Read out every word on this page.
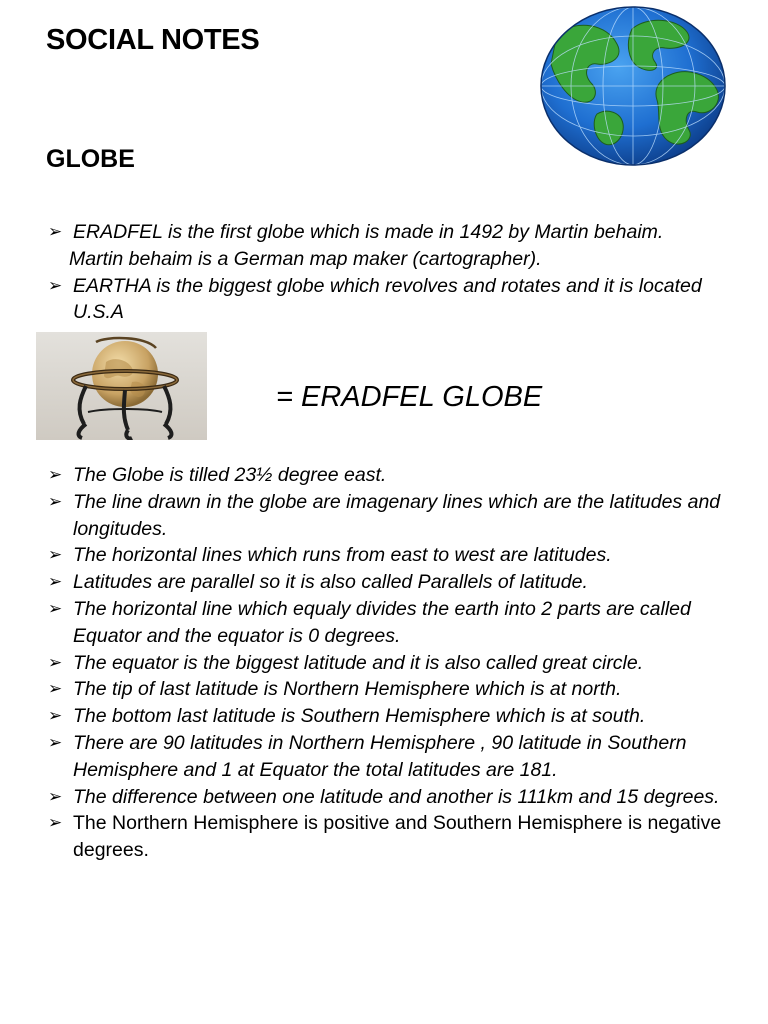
SOCIAL NOTES
GLOBE
➢ ERADFEL is the first globe which is made in 1492 by Martin behaim.
Martin behaim is a German map maker (cartographer).
➢ EARTHA is the biggest globe which revolves and rotates and it is located U.S.A
= ERADFEL GLOBE
➢ The Globe is tilled 23½ degree east.
➢ The line drawn in the globe are imagenary lines which are the latitudes and longitudes.
➢ The horizontal lines which runs from east to west are latitudes.
➢ Latitudes are parallel so it is also called Parallels of latitude.
➢ The horizontal line which equaly divides the earth into 2 parts are called Equator and the equator is 0 degrees.
➢ The equator is the biggest latitude and it is also called great circle.
➢ The tip of last latitude is Northern Hemisphere which is at north.
➢ The bottom last latitude is Southern Hemisphere which is at south.
➢ There are 90 latitudes in Northern Hemisphere , 90 latitude in Southern Hemisphere and 1 at Equator the total latitudes are 181.
➢ The difference between one latitude and another is 111km and 15 degrees.
➢ The Northern Hemisphere is positive and Southern Hemisphere is negative degrees.
